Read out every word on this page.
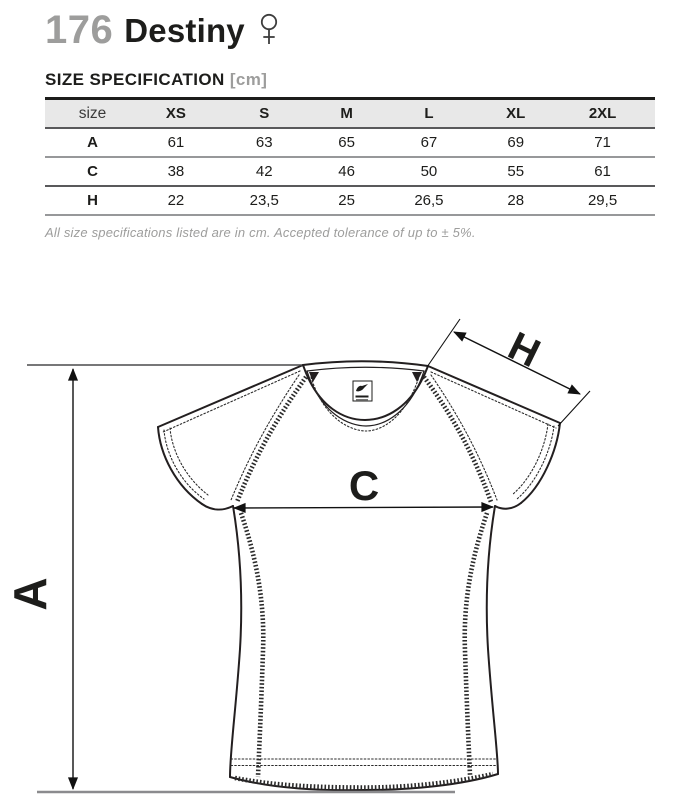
176 Destiny
SIZE SPECIFICATION [cm]
size	XS	S	M	L	XL	2XL
A	61	63	65	67	69	71
C	38	42	46	50	55	61
H	22	23,5	25	26,5	28	29,5
All size specifications listed are in cm. Accepted tolerance of up to ± 5%.
A
C
H
